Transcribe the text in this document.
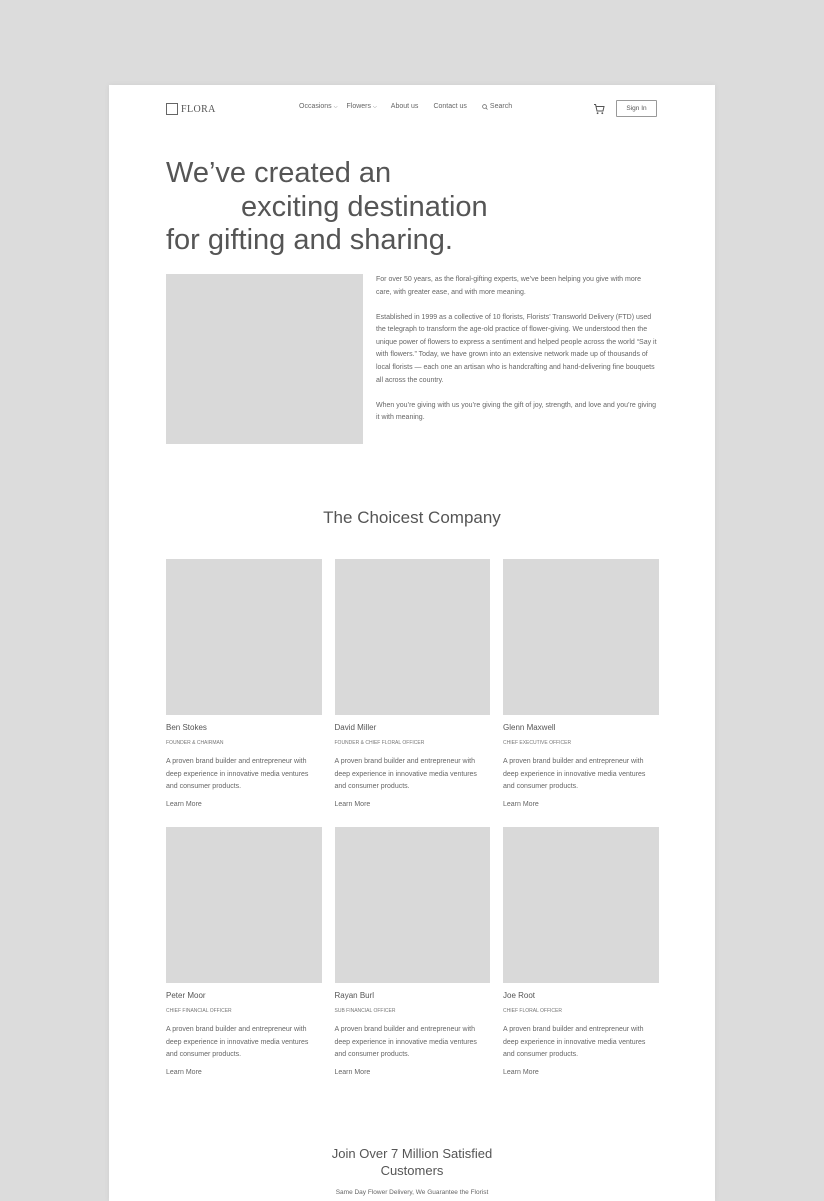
FLORA	Occasions ⌵ Flowers ⌵ About us Contact us	Search	Sign In
We’ve created an
exciting destination
for gifting and sharing.

For over 50 years, as the floral-gifting experts, we’ve been helping you give with more care, with greater ease, and with more meaning.

Established in 1999 as a collective of 10 florists, Florists’ Transworld Delivery (FTD) used the telegraph to transform the age-old practice of flower-giving. We understood then the unique power of flowers to express a sentiment and helped people across the world “Say it with flowers.” Today, we have grown into an extensive network made up of thousands of local florists — each one an artisan who is handcrafting and hand-delivering fine bouquets all across the country.

When you’re giving with us you’re giving the gift of joy, strength, and love and you’re giving it with meaning.

The Choicest Company
Ben Stokes
FOUNDER & CHAIRMAN
A proven brand builder and entrepreneur with deep experience in innovative media ventures and consumer products.
Learn More
David Miller
FOUNDER & CHIEF FLORAL OFFICER
A proven brand builder and entrepreneur with deep experience in innovative media ventures and consumer products.
Learn More
Glenn Maxwell
CHIEF EXECUTIVE OFFICER
A proven brand builder and entrepreneur with deep experience in innovative media ventures and consumer products.
Learn More
Peter Moor
CHIEF FINANCIAL OFFICER
A proven brand builder and entrepreneur with deep experience in innovative media ventures and consumer products.
Learn More
Rayan Burl
SUB FINANCIAL OFFICER
A proven brand builder and entrepreneur with deep experience in innovative media ventures and consumer products.
Learn More
Joe Root
CHIEF FLORAL OFFICER
A proven brand builder and entrepreneur with deep experience in innovative media ventures and consumer products.
Learn More
Join Over 7 Million Satisfied
Customers
Same Day Flower Delivery, We Guarantee the Florist
